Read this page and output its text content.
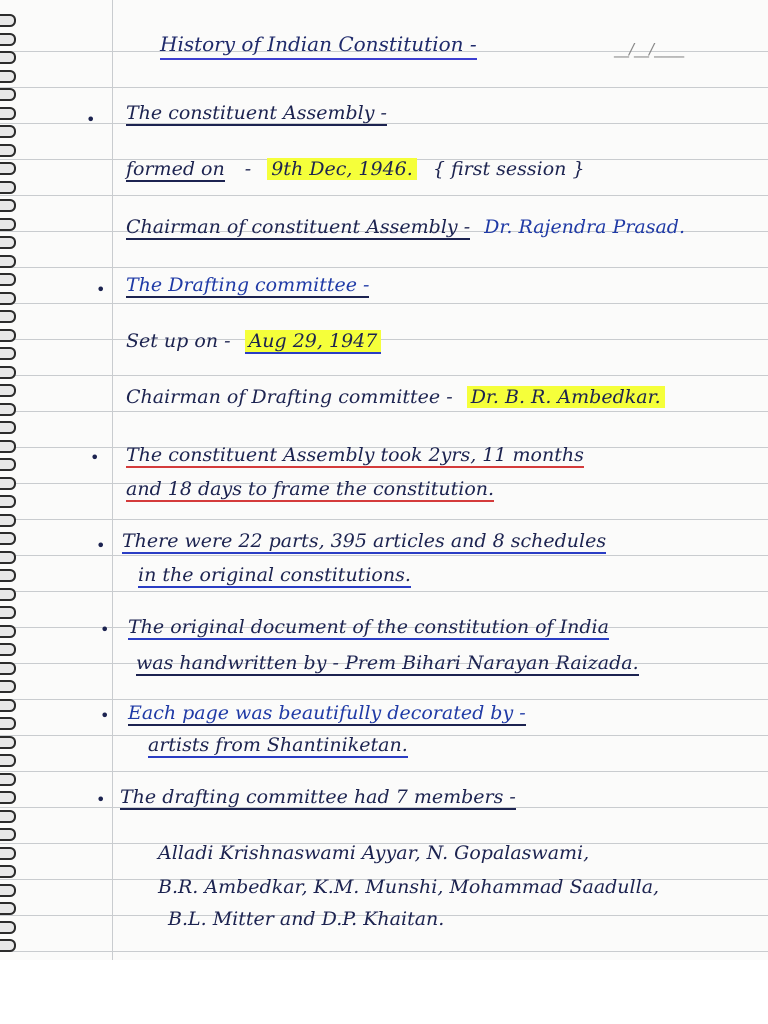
History of Indian Constitution -	__/__/____
• The constituent Assembly -
formed on - 9th Dec, 1946. { first session }
Chairman of constituent Assembly - Dr. Rajendra Prasad.
• The Drafting committee -
Set up on - Aug 29, 1947
Chairman of Drafting committee - Dr. B. R. Ambedkar.
• The constituent Assembly took 2yrs, 11 months
and 18 days to frame the constitution.
• There were 22 parts, 395 articles and 8 schedules
in the original constitutions.
• The original document of the constitution of India
was handwritten by - Prem Bihari Narayan Raizada.
• Each page was beautifully decorated by -
artists from Shantiniketan.
• The drafting committee had 7 members -
Alladi Krishnaswami Ayyar, N. Gopalaswami,
B.R. Ambedkar, K.M. Munshi, Mohammad Saadulla,
B.L. Mitter and D.P. Khaitan.
